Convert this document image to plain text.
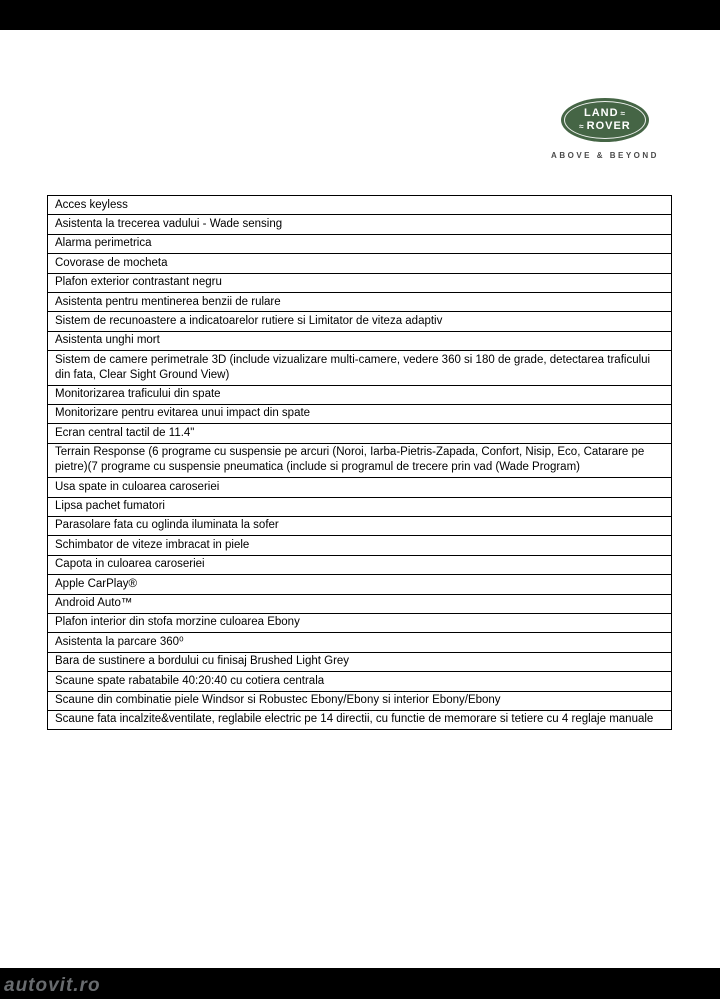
LAND ≈
≈ ROVER
ABOVE & BEYOND
Acces keyless
Asistenta la trecerea vadului - Wade sensing
Alarma perimetrica
Covorase de mocheta
Plafon exterior contrastant negru
Asistenta pentru mentinerea benzii de rulare
Sistem de recunoastere a indicatoarelor rutiere si Limitator de viteza adaptiv
Asistenta unghi mort
Sistem de camere perimetrale 3D (include vizualizare multi-camere, vedere 360 si 180 de grade, detectarea traficului din fata, Clear Sight Ground View)
Monitorizarea traficului din spate
Monitorizare pentru evitarea unui impact din spate
Ecran central tactil de 11.4"
Terrain Response (6 programe cu suspensie pe arcuri (Noroi, Iarba-Pietris-Zapada, Confort, Nisip, Eco, Catarare pe pietre)(7 programe cu suspensie pneumatica (include si programul de trecere prin vad (Wade Program)
Usa spate in culoarea caroseriei
Lipsa pachet fumatori
Parasolare fata cu oglinda iluminata la sofer
Schimbator de viteze imbracat in piele
Capota in culoarea caroseriei
Apple CarPlay®
Android Auto™
Plafon interior din stofa morzine culoarea Ebony
Asistenta la parcare 360⁰
Bara de sustinere a bordului cu finisaj Brushed Light Grey
Scaune spate rabatabile 40:20:40 cu cotiera centrala
Scaune din combinatie piele Windsor si Robustec Ebony/Ebony si interior Ebony/Ebony
Scaune fata incalzite&ventilate, reglabile electric pe 14 directii, cu functie de memorare si tetiere cu 4 reglaje manuale
autovit.ro
